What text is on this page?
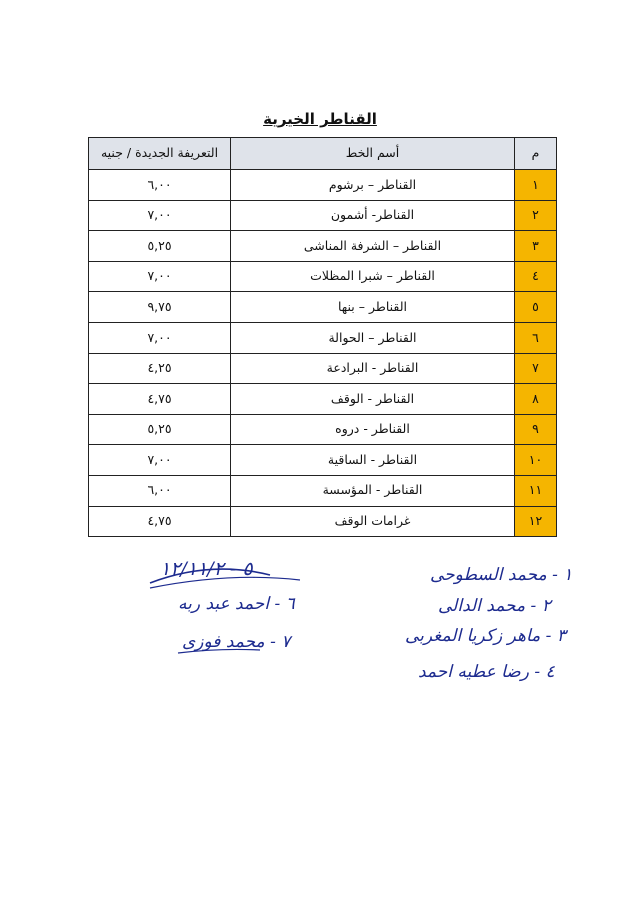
القناطر الخيرية
م	أسم الخط	التعريفة الجديدة / جنيه
١	القناطر – برشوم	٦,٠٠
٢	القناطر- أشمون	٧,٠٠
٣	القناطر – الشرفة المناشى	٥,٢٥
٤	القناطر – شبرا المظلات	٧,٠٠
٥	القناطر – بنها	٩,٧٥
٦	القناطر – الحوالة	٧,٠٠
٧	القناطر - البرادعة	٤,٢٥
٨	القناطر - الوقف	٤,٧٥
٩	القناطر - دروه	٥,٢٥
١٠	القناطر - الساقية	٧,٠٠
١١	القناطر - المؤسسة	٦,٠٠
١٢	غرامات الوقف	٤,٧٥
٥ - ١٢/١١/٢
٦ - احمد عبد ربه
٧ - محمد فوزى
١ - محمد السطوحى
٢ - محمد الدالى
٣ - ماهر زكريا المغربى
٤ - رضا عطيه احمد
